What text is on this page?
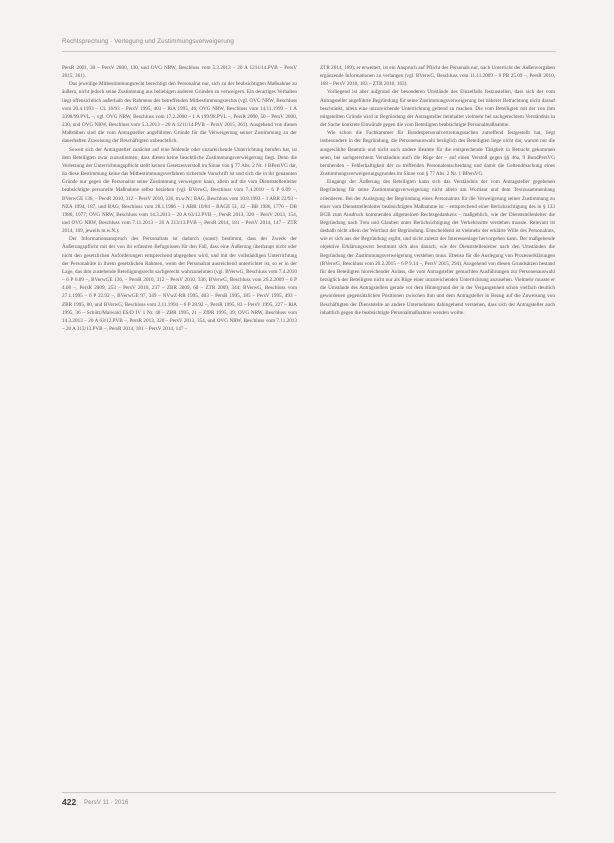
Rechtsprechung · Verlegung und Zustimmungsverweigerung

PersR 2001, 30 – PersV 2000, 130, und OVG NRW, Beschluss vom 5.3.2013 – 20 A 1211/14.PVB – PersV 2015, 361).

Das jeweilige Mitbestimmungsrecht berechtigt den Personalrat nur, sich zu der beabsichtigten Maßnahme zu äußern, nicht jedoch seine Zustimmung aus beliebigen anderen Gründen zu verweigern. Ein derartiges Verhalten liegt offensichtlich außerhalb des Rahmens des betreffenden Mitbestimmungsrechts (vgl. OVG NRW, Beschluss vom 20.4.1993 – CL 16/93 – PersV 1995, 403 – RiA 1995, 46; OVG NRW, Beschluss vom 14.11.1999 – 1 A 3398/99.PVL –, vgl. OVG NRW, Beschluss vom 17.2.2000 – 1 A 199/98.PVL –, PersR 2000, 50 – PersV 2000, 230, und OVG NRW, Beschluss vom 5.3.2013 – 20 A 1211/14.PVB – PersV 2015, 361). Ausgehend von diesen Maßstäben sind die vom Antragsteller angeführten Gründe für die Verweigerung seiner Zustimmung zu der dauerhaften Zuweisung der Beschäftigten unbeachtlich.

Soweit sich der Antragsteller zunächst auf eine fehlende oder unzureichende Unterrichtung berufen hat, ist dem Beteiligten zwar zuzustimmen, dass diesen keine beachtliche Zustimmungsverweigerung liegt. Denn die Verletzung der Unterrichtungspflicht stellt keinen Gesetzesverstoß im Sinne von § 77 Abs. 2 Nr. 1 BPersVG dar, da diese Bestimmung keine das Mitbestimmungsverfahren sichernde Vorschrift ist und sich die in ihr genannten Gründe nur gegen die Personalrat seine Zustimmung verweigern kann, allein auf die vom Dienststellenleiter beabsichtigte personelle Maßnahme selbst beziehen (vgl. BVerwG, Beschluss vom 7.4.2010 – 6 P 6.09 –, BVerwGE 136, – PersR 2010, 312 – PersV 2010, 336, m.w.N.; BAG, Beschluss vom 10.8.1993 – 1 ABR 22/93 – NZA 1994, 187, und BAG, Beschluss vom 28.1.1986 – 1 ABR 10/84 – BAGE 51, 42 – BB 1986, 1776 – DB 1986, 1077; OVG NRW, Beschluss vom 14.3.2013 – 20 A 63/12.PVB –, PersR 2013, 320 – PersV 2013, 154, und OVG NRW, Beschluss vom 7.11.2013 – 20 A 313/13.PVB –, PersR 2014, 181 – PersV 2014, 147 – ZTR 2014, 169, jeweils m.w.N.).

Der Informationsanspruch des Personalrats ist dadurch (sonst) bestimmt, dass der Zweck der Äußerungspflicht mit der von ihr erfassten Befugnissen für den Fall, dass eine Äußerung überhaupt nicht oder nicht den gesetzlichen Anforderungen entsprechend abgegeben wird, und mit der vollständigen Unterrichtung der Personalräte in ihrem gesetzlichen Rahmen, wenn der Personalrat ausreichend unterrichtet ist, so er in der Lage, das ihm zustehende Beteiligungsrecht sachgerecht wahrzunehmen (vgl. BVerwG, Beschluss vom 7.4.2010 – 6 P 6.09 –, BVerwGE 136, – PersR 2010, 312 – PersV 2010, 336; BVerwG, Beschluss vom 26.2.2009 – 6 P 4.08 –, PersR 2009, 253 – PersV 2010, 237 – ZBR 2009, 68 – ZTR 2009, 344; BVerwG, Beschluss vom 27.1.1995 – 6 P 22.92 –, BVerwGE 97, 349 – NVwZ-RR 1995, 403 – PersR 1995, 185 – PersV 1995, 493 – ZBR 1995, 80, und BVerwG, Beschluss vom 2.11.1994 – 6 P 28.92 –, PersR 1995, 83 – PersV 1995, 227 – RiA 1995, 36 – Schütz/Maiwald ES/D IV 1 Nr. 40 – ZBR 1995, 21 – ZfPR 1995, 39; OVG NRW, Beschluss vom 14.3.2013 – 20 A 63/12.PVB –, PersR 2013, 320 – PersV 2013, 354, und OVG NRW, Beschluss vom 7.11.2013 – 20 A 313/13.PVB –, PersR 2014, 181 – PersV 2014, 147 –

ZTR 2014, 169); er erweitert, ist ein Anspruch auf Pflicht des Personals nur, nach Unterricht der Außenvorgaben ergänzende Informationen zu verlangen (vgl. BVerwG, Beschluss vom 11.11.2009 – 6 PB 25.09 –, PersR 2010, 168 – PersV 2010, 183 – ZTR 2010, 163).

Vorliegend ist aber aufgrund der besonderen Umstände des Einzelfalls festzustellen, dass sich der vom Antragsteller angeführte Begründung für seine Zustimmungsverweigerung bei näherer Betrachtung nicht darauf beschränkt, allein eine unzureichende Unterrichtung geltend zu machen. Die vom Beteiligten mit der von ihm mitgeteilten Gründe wird in Begründung der Antragsteller beinhaltet vielmehr bei sachgerechtem Verständnis in der Sache konkrete Einwände gegen die vom Beteiligten beabsichtigte Personalmaßnahme.

Wie schon die Fachkammer für Bundespersonalvertretungssachen zutreffend festgestellt hat, liegt insbesondere in der Begründung, die Personenauswahl bezüglich des Beteiligten liege nicht dar, warum nur die ausgewählte Beamtin und nicht auch andere Beamte für die entsprechende Tätigkeit in Betracht gekommen seien, bei sachgerechtem Verständnis auch die Rüge der – auf einen Verstoß gegen §§ 46a, 9 BundPersVG beruhenden – Fehlerhaftigkeit der zu treffenden Personalentscheidung und damit die Geltendmachung eines Zustimmungsverweigerungsgrundes im Sinne von § 77 Abs. 2 Nr. 1 BPersVG.

Eingangs der Äußerung des Beteiligten kann sich das Verständnis der vom Antragsteller gegebenen Begründung für seine Zustimmungsverweigerung nicht allein am Wortlaut und dem Textzusammenhang orientieren. Bei der Auslegung der Begründung eines Personalrats für die Verweigerung seiner Zustimmung zu einer vom Dienststellenleiter beabsichtigten Maßnahme ist – entsprechend einer Berücksichtigung des in § 133 BGB zum Ausdruck kommenden allgemeinen Rechtsgedankens – maßgeblich, wie der Dienststellenleiter die Begründung nach Treu und Glauben unter Berücksichtigung der Verkehrssitte verstehen musste. Relevant ist deshalb nicht allein der Wortlaut der Begründung. Entscheidend ist vielmehr der erklärte Wille des Personalrats, wie er sich aus der Begründung ergibt, und nicht zuletzt der Interessenlage hervorgehen kann. Der maßgebende objektive Erklärungswert bestimmt sich also danach, wie der Dienststellenleiter nach den Umständen die Begründung der Zustimmungsverweigerung verstehen muss. Ebenso für die Auslegung von Prozesserklärungen (BVerwG, Beschluss vom 26.2.2015 – 6 P 9.14 –, PersV 2015, 294). Ausgehend von diesen Grundsätzen bestand für den Beteiligten hinreichender Anlass, die vom Antragsteller gemachten Ausführungen zur Personenauswahl bezüglich der Beteiligten nicht nur als Rüge einer unzureichenden Unterrichtung anzusehen. Vielmehr musste er die Umstände des Antragstellers gerade vor dem Hintergrund der in der Vergangenheit schon vielfach deutlich gewordenen gegensätzlichen Positionen zwischen ihm und dem Antragsteller in Bezug auf die Zuweisung von Beschäftigten der Dienststelle an andere Unternehmen dahingehend verstehen, dass sich der Antragsteller auch inhaltlich gegen die beabsichtigte Personalmaßnahme wenden wollte.

422 PersV 11 · 2016
